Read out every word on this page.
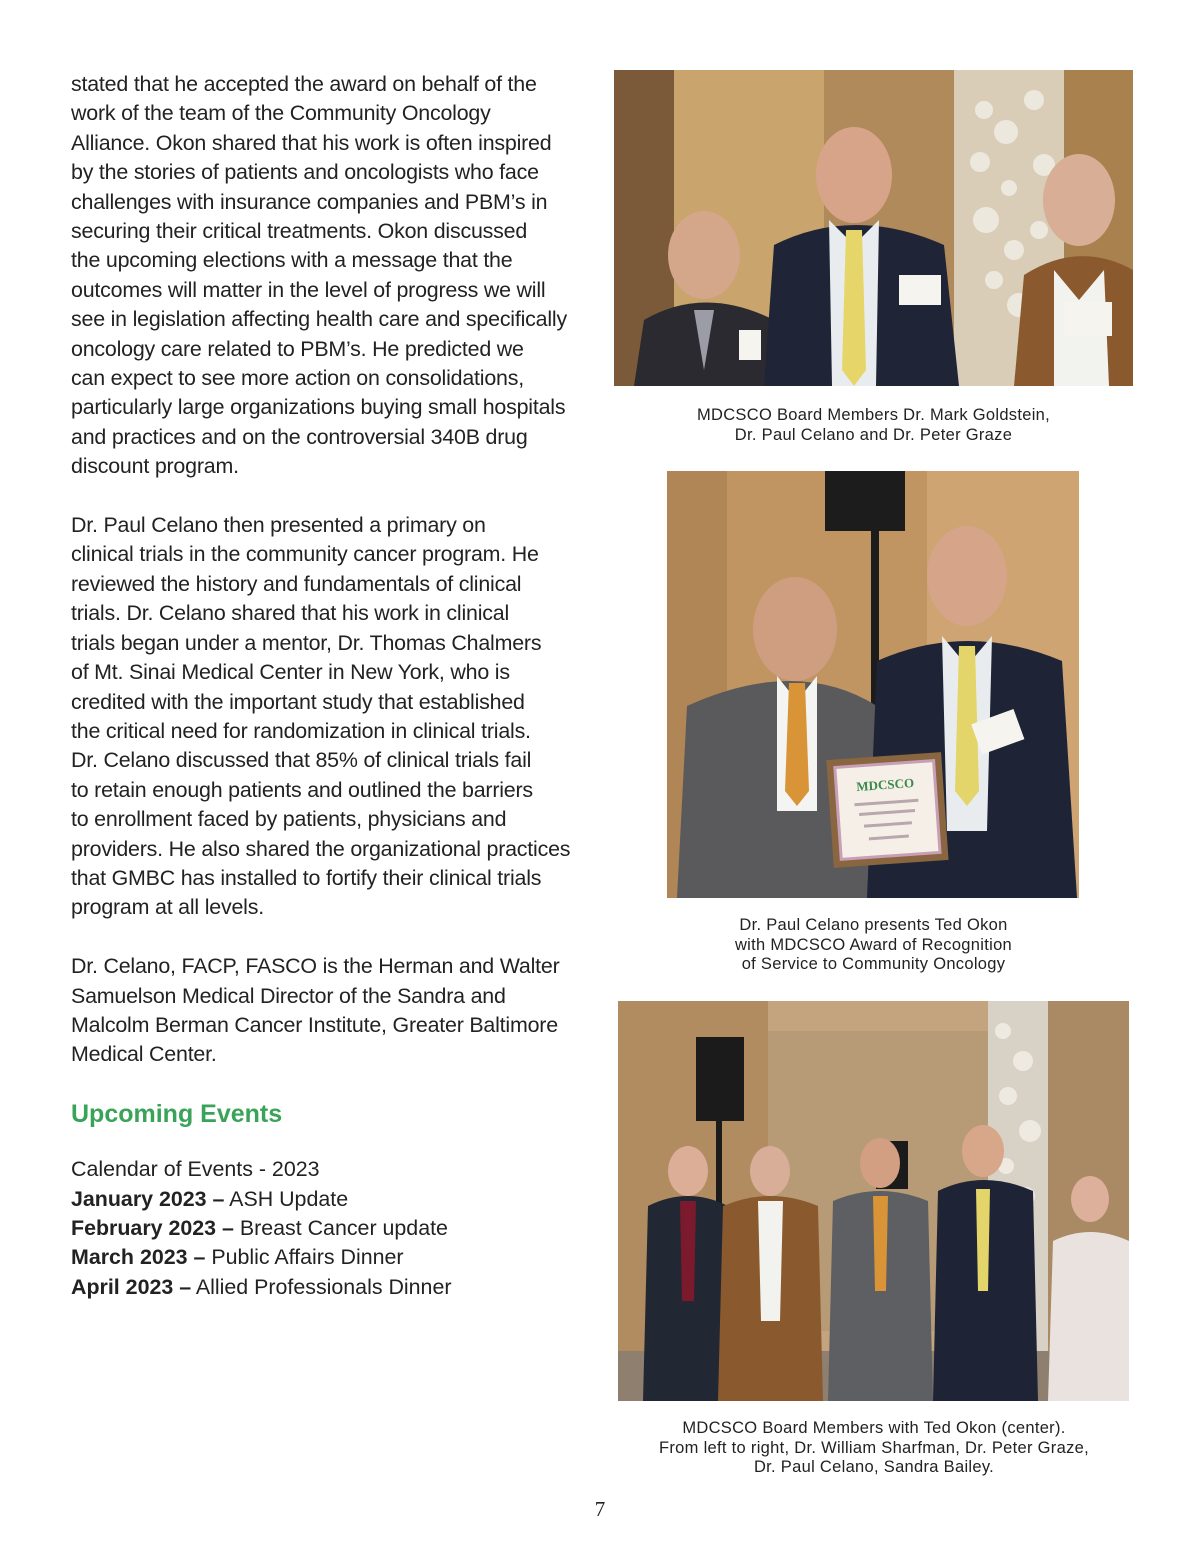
stated that he accepted the award on behalf of the
work of the team of the Community Oncology
Alliance. Okon shared that his work is often inspired
by the stories of patients and oncologists who face
challenges with insurance companies and PBM’s in
securing their critical treatments. Okon discussed
the upcoming elections with a message that the
outcomes will matter in the level of progress we will
see in legislation affecting health care and specifically
oncology care related to PBM’s. He predicted we
can expect to see more action on consolidations,
particularly large organizations buying small hospitals
and practices and on the controversial 340B drug
discount program.

Dr. Paul Celano then presented a primary on
clinical trials in the community cancer program. He
reviewed the history and fundamentals of clinical
trials. Dr. Celano shared that his work in clinical
trials began under a mentor, Dr. Thomas Chalmers
of Mt. Sinai Medical Center in New York, who is
credited with the important study that established
the critical need for randomization in clinical trials.
Dr. Celano discussed that 85% of clinical trials fail
to retain enough patients and outlined the barriers
to enrollment faced by patients, physicians and
providers. He also shared the organizational practices
that GMBC has installed to fortify their clinical trials
program at all levels.

Dr. Celano, FACP, FASCO is the Herman and Walter
Samuelson Medical Director of the Sandra and
Malcolm Berman Cancer Institute, Greater Baltimore
Medical Center.

Upcoming Events
Calendar of Events - 2023
January 2023 – ASH Update
February 2023 – Breast Cancer update
March 2023 – Public Affairs Dinner
April 2023 – Allied Professionals Dinner
MDCSCO Board Members Dr. Mark Goldstein,
Dr. Paul Celano and Dr. Peter Graze
MDCSCO
Dr. Paul Celano presents Ted Okon
with MDCSCO Award of Recognition
of Service to Community Oncology
MDCSCO Board Members with Ted Okon (center).
From left to right, Dr. William Sharfman, Dr. Peter Graze,
Dr. Paul Celano, Sandra Bailey.
7
